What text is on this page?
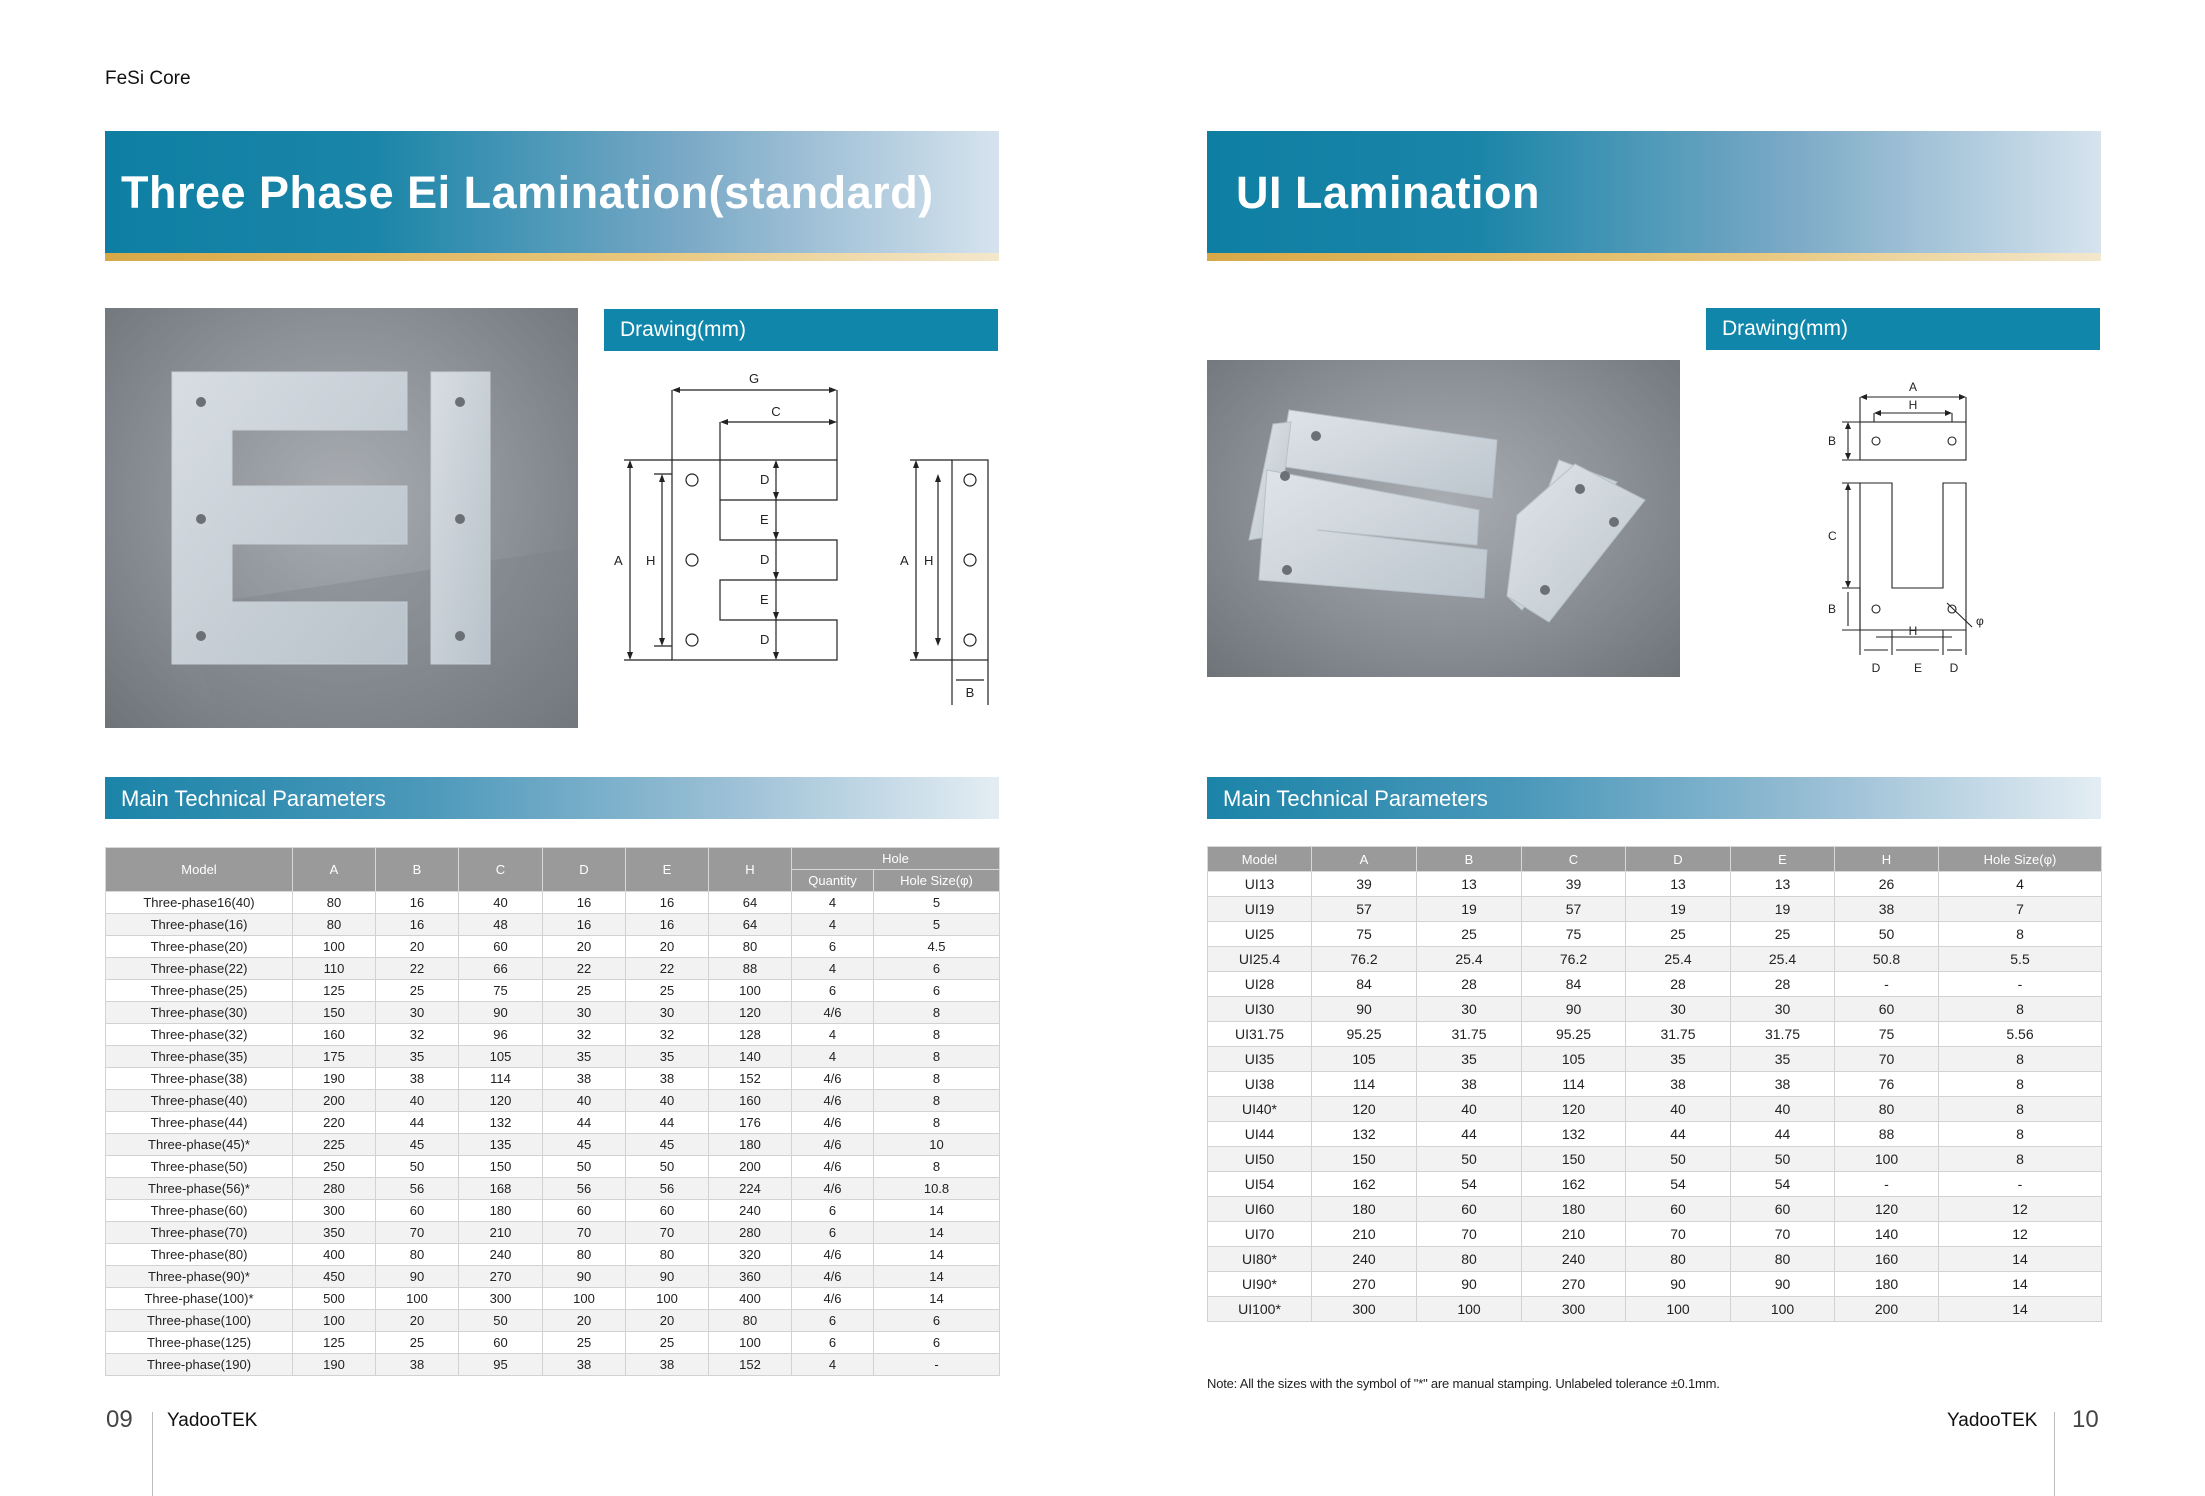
FeSi Core
Three Phase Ei Lamination(standard)
Drawing(mm)
G
C
A H
D
E
D
E
D
A H
B
Main Technical Parameters
Model	A	B	C	D	E	H	Hole	
							Quantity	Hole Size(φ)
Three-phase16(40)	80	16	40	16	16	64	4	5
Three-phase(16)	80	16	48	16	16	64	4	5
Three-phase(20)	100	20	60	20	20	80	6	4.5
Three-phase(22)	110	22	66	22	22	88	4	6
Three-phase(25)	125	25	75	25	25	100	6	6
Three-phase(30)	150	30	90	30	30	120	4/6	8
Three-phase(32)	160	32	96	32	32	128	4	8
Three-phase(35)	175	35	105	35	35	140	4	8
Three-phase(38)	190	38	114	38	38	152	4/6	8
Three-phase(40)	200	40	120	40	40	160	4/6	8
Three-phase(44)	220	44	132	44	44	176	4/6	8
Three-phase(45)*	225	45	135	45	45	180	4/6	10
Three-phase(50)	250	50	150	50	50	200	4/6	8
Three-phase(56)*	280	56	168	56	56	224	4/6	10.8
Three-phase(60)	300	60	180	60	60	240	6	14
Three-phase(70)	350	70	210	70	70	280	6	14
Three-phase(80)	400	80	240	80	80	320	4/6	14
Three-phase(90)*	450	90	270	90	90	360	4/6	14
Three-phase(100)*	500	100	300	100	100	400	4/6	14
Three-phase(100)	100	20	50	20	20	80	6	6
Three-phase(125)	125	25	60	25	25	100	6	6
Three-phase(190)	190	38	95	38	38	152	4	-
09 YadooTEK
UI Lamination
Drawing(mm)
A
H
B
C
B
H
D	E D
φ
Main Technical Parameters
Model	A	B	C	D	E	H	Hole Size(φ)
UI13	39	13	39	13	13	26	4
UI19	57	19	57	19	19	38	7
UI25	75	25	75	25	25	50	8
UI25.4	76.2	25.4	76.2	25.4	25.4	50.8	5.5
UI28	84	28	84	28	28	-	-
UI30	90	30	90	30	30	60	8
UI31.75	95.25	31.75	95.25	31.75	31.75	75	5.56
UI35	105	35	105	35	35	70	8
UI38	114	38	114	38	38	76	8
UI40*	120	40	120	40	40	80	8
UI44	132	44	132	44	44	88	8
UI50	150	50	150	50	50	100	8
UI54	162	54	162	54	54	-	-
UI60	180	60	180	60	60	120	12
UI70	210	70	210	70	70	140	12
UI80*	240	80	240	80	80	160	14
UI90*	270	90	270	90	90	180	14
UI100*	300	100	300	100	100	200	14
Note: All the sizes with the symbol of "*" are manual stamping. Unlabeled tolerance ±0.1mm.
YadooTEK 10
